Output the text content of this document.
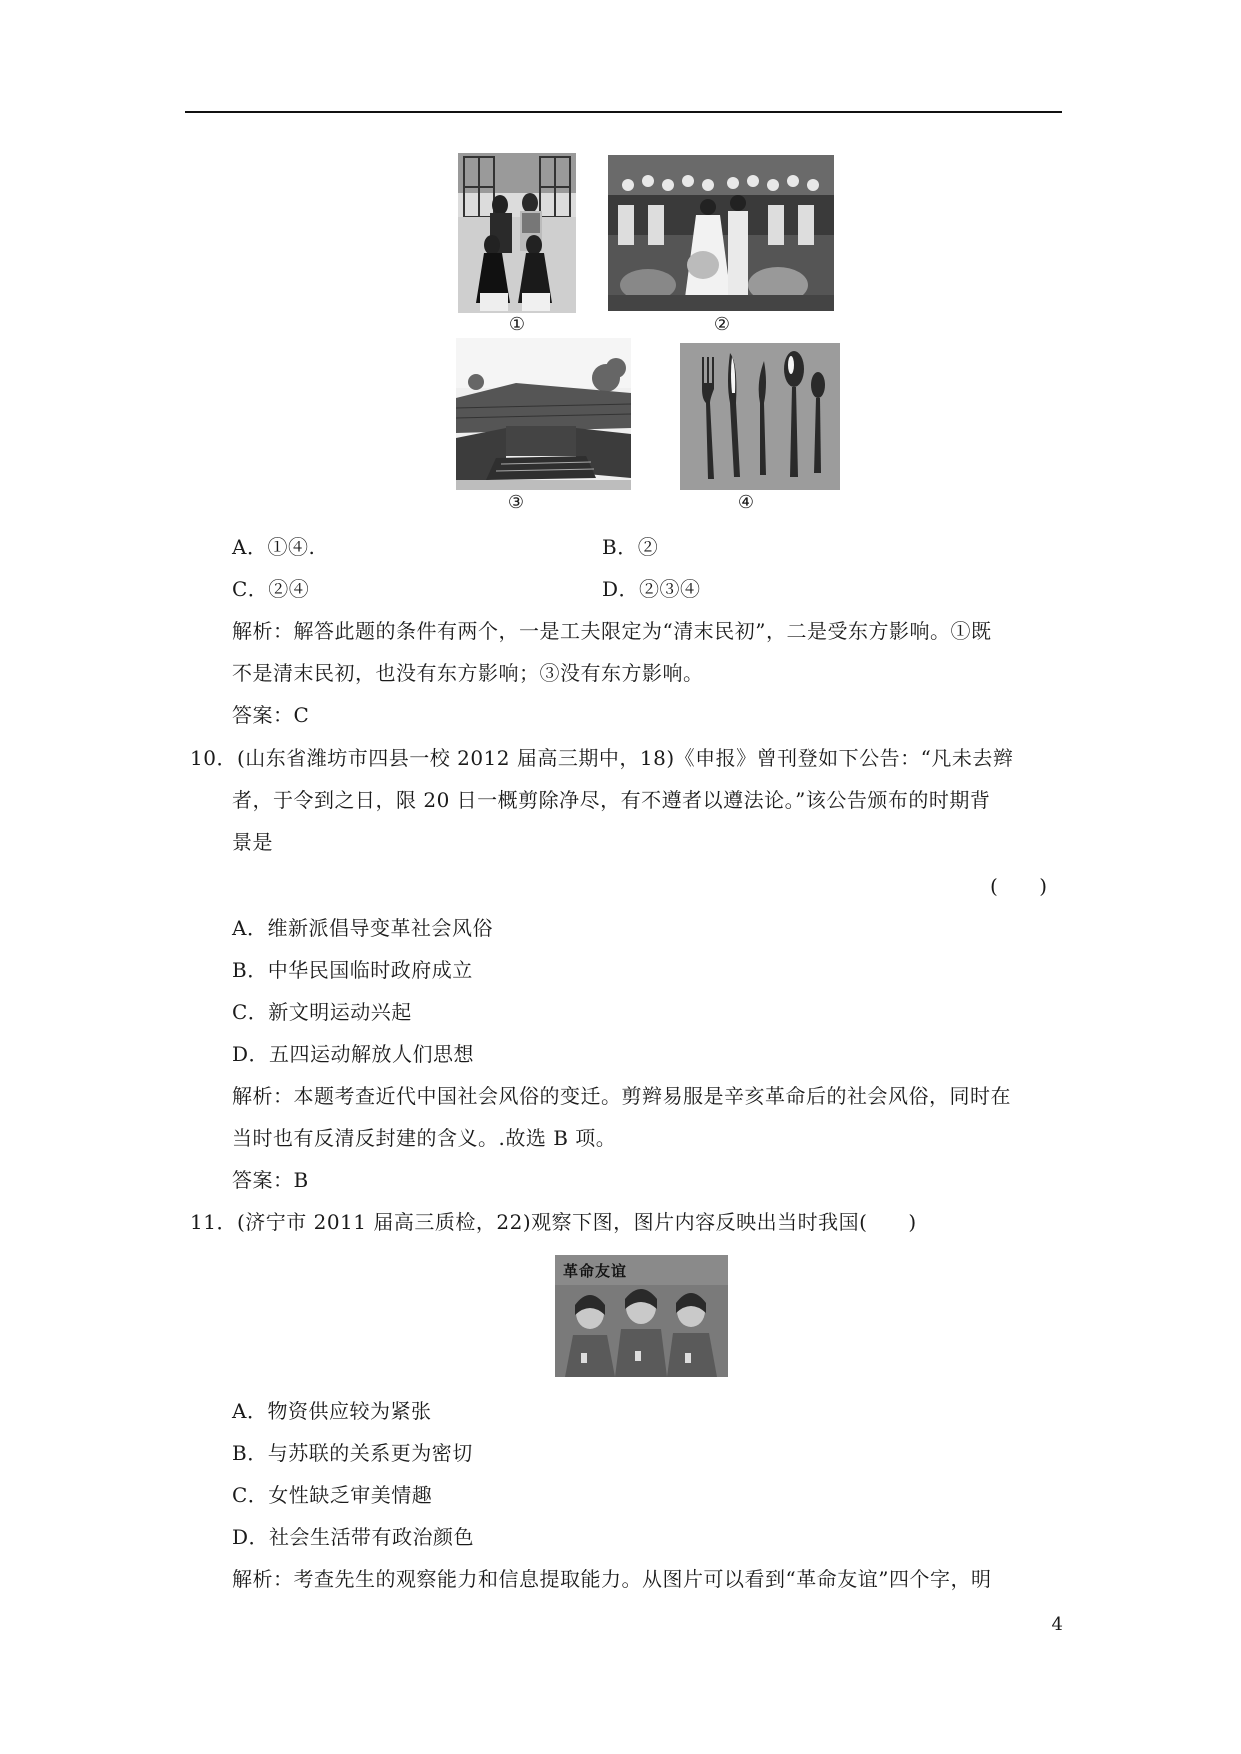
①	②
③	④
A．①④.	B．②
C．②④	D．②③④
解析：解答此题的条件有两个，一是工夫限定为“清末民初”，二是受东方影响。①既
不是清末民初，也没有东方影响；③没有东方影响。
答案：C
10．(山东省潍坊市四县一校 2012 届高三期中，18)《申报》曾刊登如下公告：“凡未去辫
者，于令到之日，限 20 日一概剪除净尽，有不遵者以遵法论。”该公告颁布的时期背
景是
(　　)
A．维新派倡导变革社会风俗
B．中华民国临时政府成立
C．新文明运动兴起
D．五四运动解放人们思想
解析：本题考查近代中国社会风俗的变迁。剪辫易服是辛亥革命后的社会风俗，同时在
当时也有反清反封建的含义。.故选 B 项。
答案：B
11．(济宁市 2011 届高三质检，22)观察下图，图片内容反映出当时我国(　　)
革命友谊
A．物资供应较为紧张
B．与苏联的关系更为密切
C．女性缺乏审美情趣
D．社会生活带有政治颜色
解析：考查先生的观察能力和信息提取能力。从图片可以看到“革命友谊”四个字，明
4
